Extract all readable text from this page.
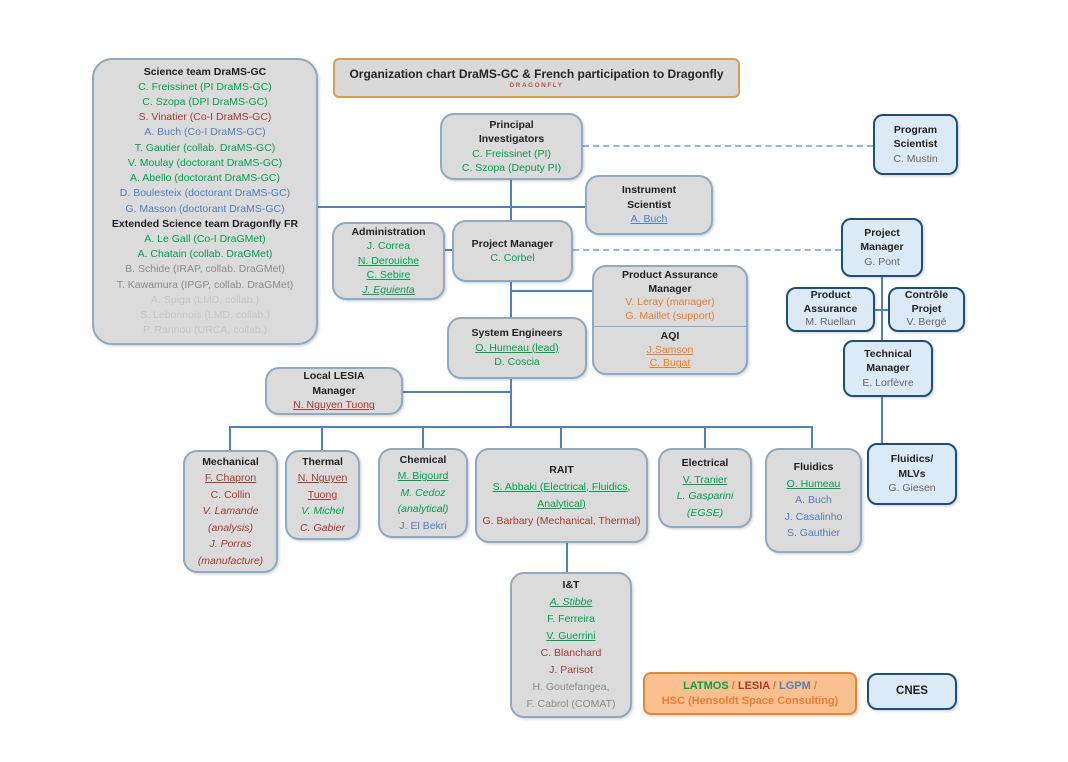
Organization chart DraMS-GC & French participation to Dragonfly
DRAGONFLY
Science team DraMS-GC
C. Freissinet (PI DraMS-GC)
C. Szopa (DPI DraMS-GC)
S. Vinatier (Co-I DraMS-GC)
A. Buch (Co-I DraMS-GC)
T. Gautier (collab. DraMS-GC)
V. Moulay (doctorant DraMS-GC)
A. Abello (doctorant DraMS-GC)
D. Boulesteix (doctorant DraMS-GC)
G. Masson (doctorant DraMS-GC)
Extended Science team Dragonfly FR
A. Le Gall (Co-I DraGMet)
A. Chatain (collab. DraGMet)
B. Schide (IRAP, collab. DraGMet)
T. Kawamura (IPGP, collab. DraGMet)
A. Spiga (LMD, collab.)
S. Lebonnois (LMD, collab.)
P. Rannou (URCA, collab.)
Principal
Investigators
C. Freissinet (PI)
C. Szopa (Deputy PI)
Program
Scientist
C. Mustin
Instrument
Scientist
A. Buch
Administration
J. Correa
N. Derouiche
C. Sebire
J. Eguienta
Project Manager
C. Corbel
Project
Manager
G. Pont
Product Assurance
Manager
V. Leray (manager)
G. Maillet (support)
AQI
J.Samson
C. Bugat
Product
Assurance
M. Ruellan
Contrôle
Projet
V. Bergé
Technical
Manager
E. Lorfèvre
System Engineers
O. Humeau (lead)
D. Coscia
Local LESIA
Manager
N. Nguyen Tuong
Mechanical
F. Chapron
C. Collin
V. Lamande
(analysis)
J. Porras
(manufacture)
Thermal
N. Nguyen Tuong
V. Michel
C. Gabier
Chemical
M. Bigourd
M. Cedoz
(analytical)
J. El Bekri
RAIT
S. Abbaki (Electrical, Fluidics, Analytical)
G. Barbary (Mechanical, Thermal)
Electrical
V. Tranier
L. Gasparini
(EGSE)
Fluidics
O. Humeau
A. Buch
J. Casalinho
S. Gauthier
Fluidics/
MLVs
G. Giesen
I&T
A. Stibbe
F. Ferreira
V. Guerrini
C. Blanchard
J. Parisot
H. Goutefangea,
F. Cabrol (COMAT)
LATMOS / LESIA / LGPM /
HSC (Hensoldt Space Consulting)
CNES
